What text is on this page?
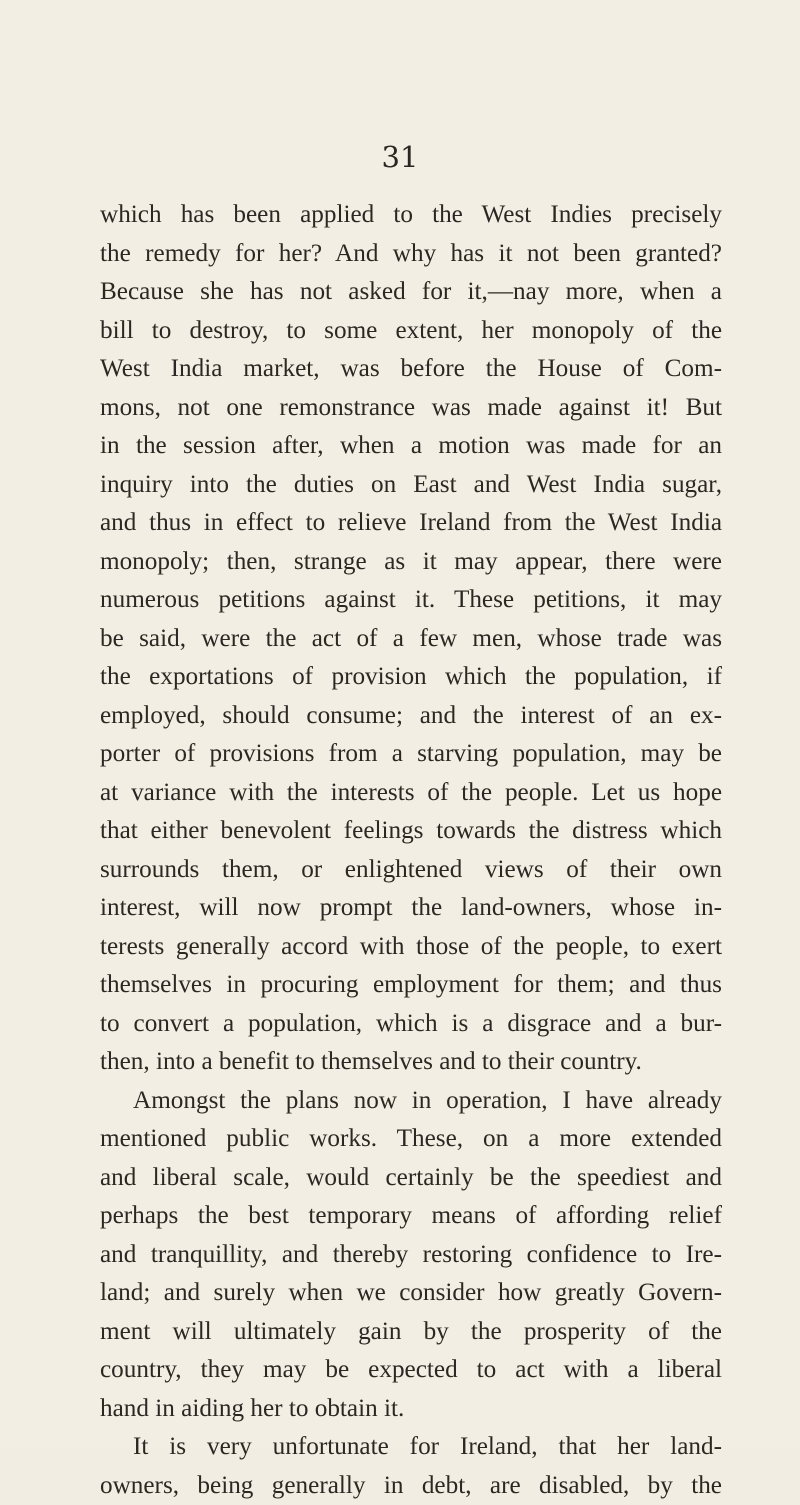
31
which has been applied to the West Indies precisely
the remedy for her? And why has it not been granted?
Because she has not asked for it,—nay more, when a
bill to destroy, to some extent, her monopoly of the
West India market, was before the House of Com-
mons, not one remonstrance was made against it! But
in the session after, when a motion was made for an
inquiry into the duties on East and West India sugar,
and thus in effect to relieve Ireland from the West India
monopoly; then, strange as it may appear, there were
numerous petitions against it. These petitions, it may
be said, were the act of a few men, whose trade was
the exportations of provision which the population, if
employed, should consume; and the interest of an ex-
porter of provisions from a starving population, may be
at variance with the interests of the people. Let us hope
that either benevolent feelings towards the distress which
surrounds them, or enlightened views of their own
interest, will now prompt the land-owners, whose in-
terests generally accord with those of the people, to exert
themselves in procuring employment for them; and thus
to convert a population, which is a disgrace and a bur-
then, into a benefit to themselves and to their country.
Amongst the plans now in operation, I have already
mentioned public works. These, on a more extended
and liberal scale, would certainly be the speediest and
perhaps the best temporary means of affording relief
and tranquillity, and thereby restoring confidence to Ire-
land; and surely when we consider how greatly Govern-
ment will ultimately gain by the prosperity of the
country, they may be expected to act with a liberal
hand in aiding her to obtain it.
It is very unfortunate for Ireland, that her land-
owners, being generally in debt, are disabled, by the
